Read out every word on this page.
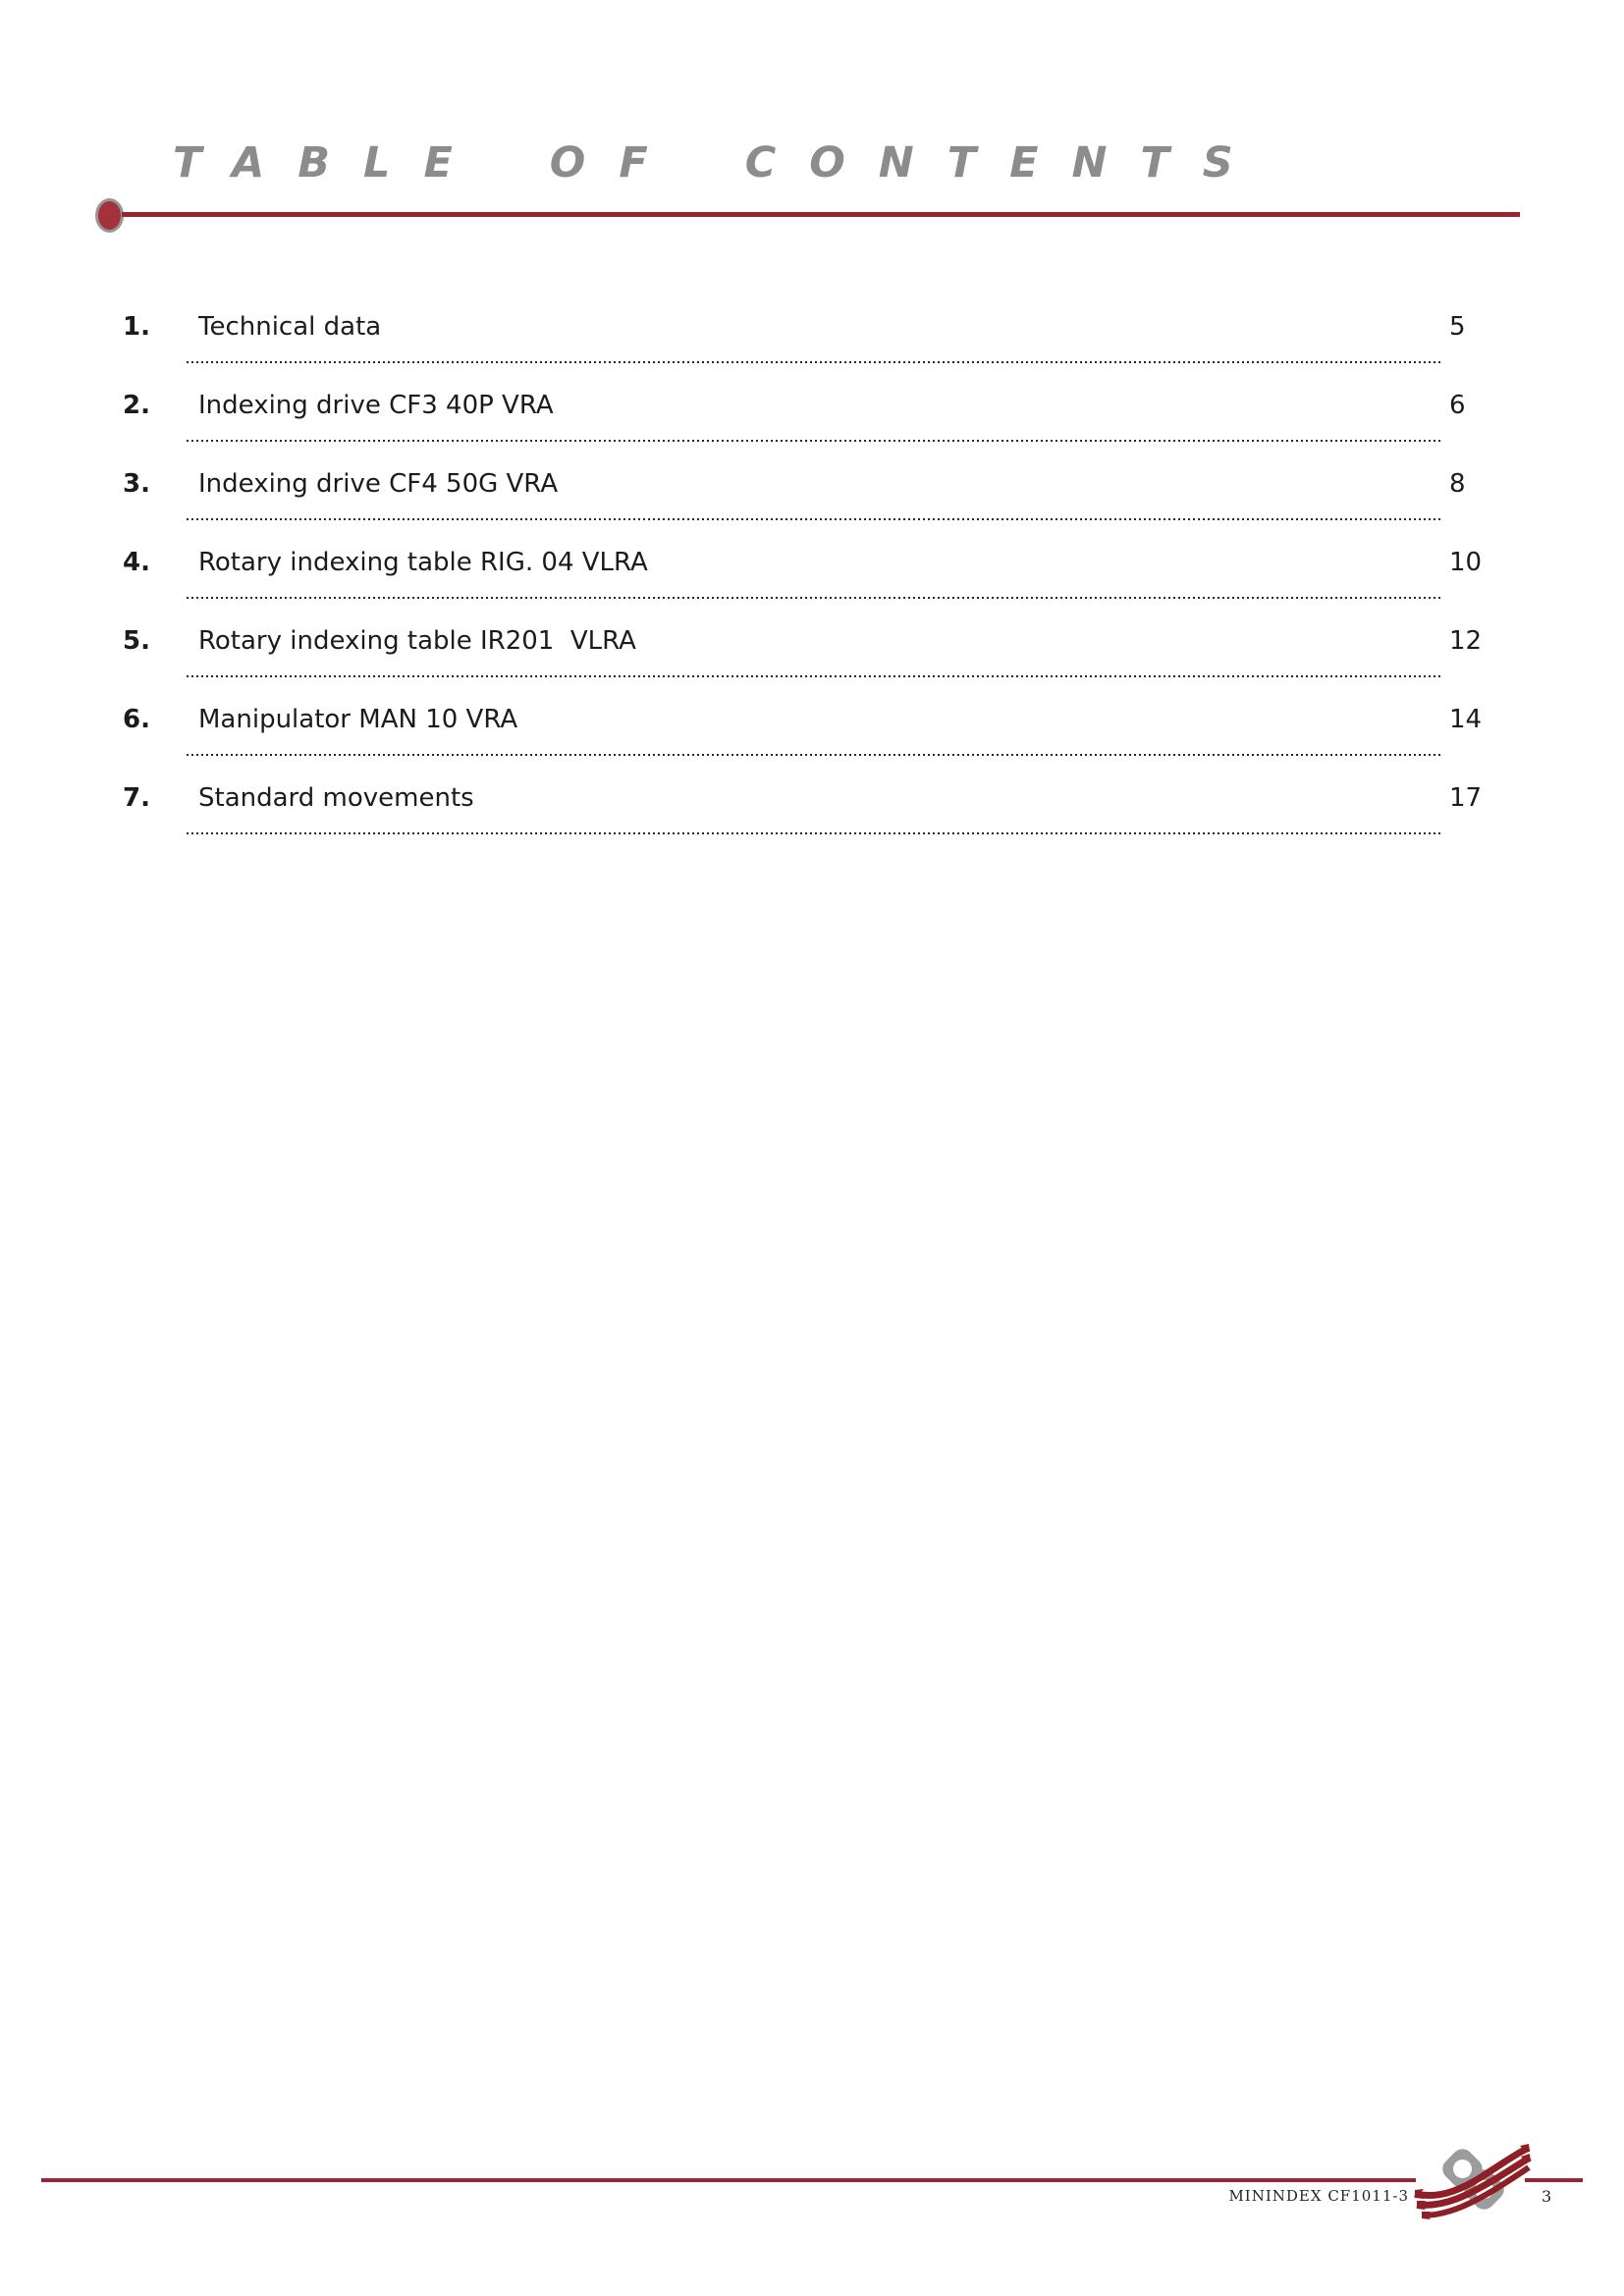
TABLE OF CONTENTS
1. Technical data	5
2. Indexing drive CF3 40P VRA	6
3. Indexing drive CF4 50G VRA	8
4. Rotary indexing table RIG. 04 VLRA	10
5. Rotary indexing table IR201  VLRA	12
6. Manipulator MAN 10 VRA	14
7. Standard movements	17
MININDEX CF1011-3	3
